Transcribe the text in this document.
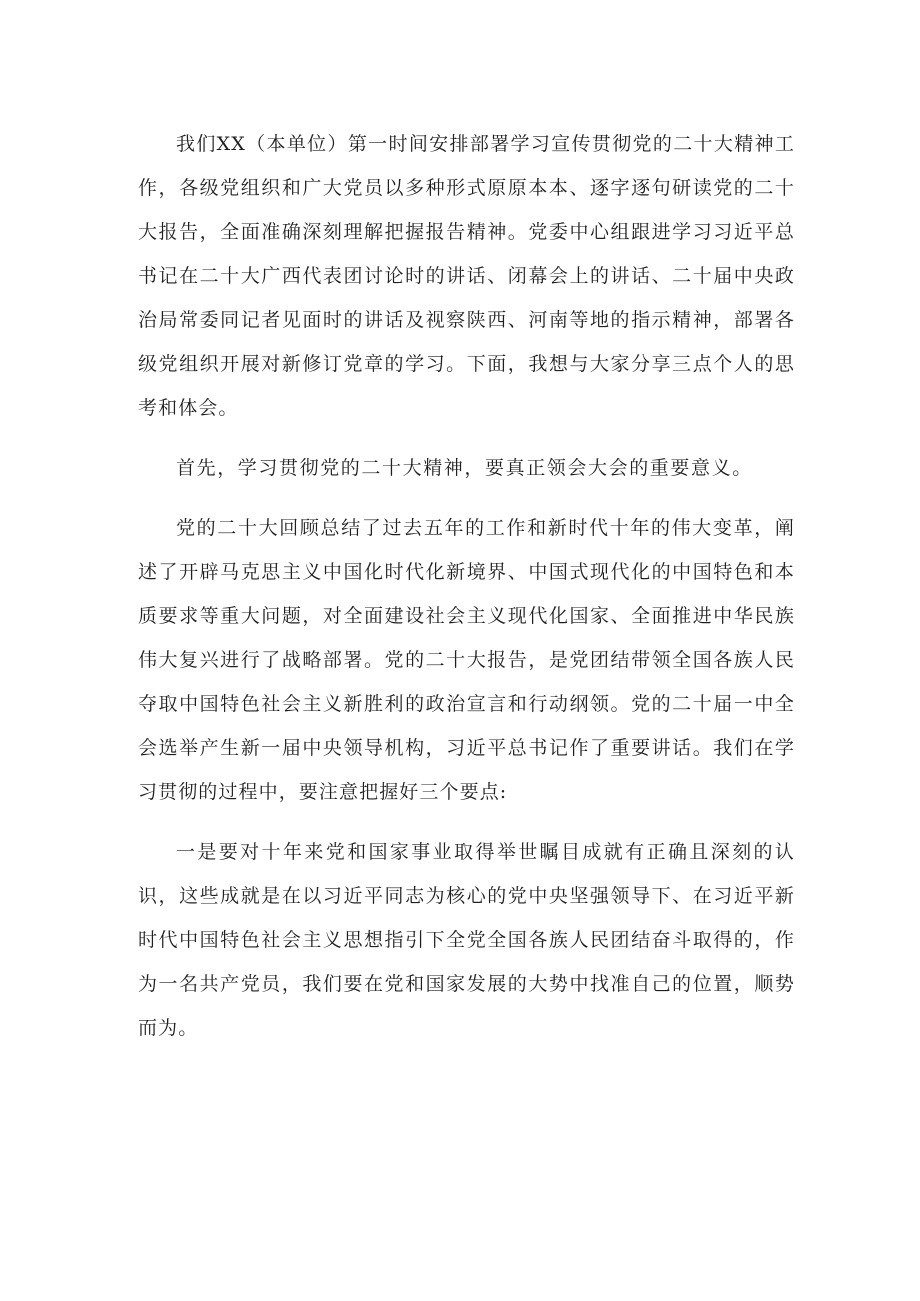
我们XX（本单位）第一时间安排部署学习宣传贯彻党的二十大精神工作，各级党组织和广大党员以多种形式原原本本、逐字逐句研读党的二十大报告，全面准确深刻理解把握报告精神。党委中心组跟进学习习近平总书记在二十大广西代表团讨论时的讲话、闭幕会上的讲话、二十届中央政治局常委同记者见面时的讲话及视察陕西、河南等地的指示精神，部署各级党组织开展对新修订党章的学习。下面，我想与大家分享三点个人的思考和体会。

首先，学习贯彻党的二十大精神，要真正领会大会的重要意义。

党的二十大回顾总结了过去五年的工作和新时代十年的伟大变革，阐述了开辟马克思主义中国化时代化新境界、中国式现代化的中国特色和本质要求等重大问题，对全面建设社会主义现代化国家、全面推进中华民族伟大复兴进行了战略部署。党的二十大报告，是党团结带领全国各族人民夺取中国特色社会主义新胜利的政治宣言和行动纲领。党的二十届一中全会选举产生新一届中央领导机构，习近平总书记作了重要讲话。我们在学习贯彻的过程中，要注意把握好三个要点:

一是要对十年来党和国家事业取得举世瞩目成就有正确且深刻的认识，这些成就是在以习近平同志为核心的党中央坚强领导下、在习近平新时代中国特色社会主义思想指引下全党全国各族人民团结奋斗取得的，作为一名共产党员，我们要在党和国家发展的大势中找准自己的位置，顺势而为。
